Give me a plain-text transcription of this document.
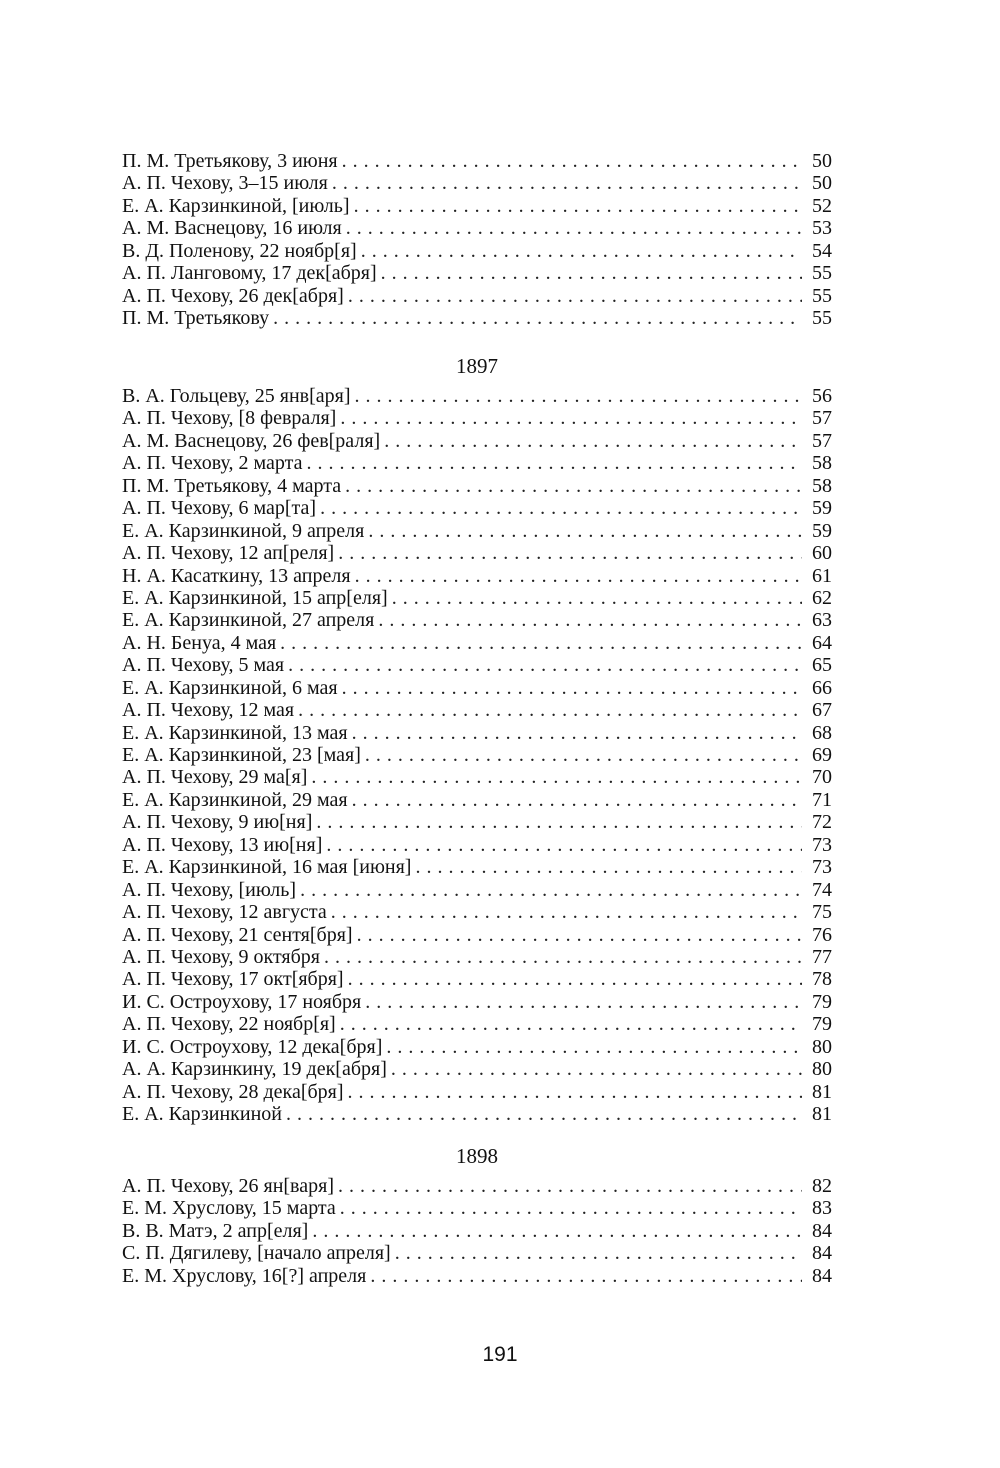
П. М. Третьякову, 3 июня . . .	50
А. П. Чехову, 3–15 июля . . .	50
Е. А. Карзинкиной, [июль] . . .	52
А. М. Васнецову, 16 июля . . .	53
В. Д. Поленову, 22 ноябр[я] . . .	54
А. П. Ланговому, 17 дек[абря] . . .	55
А. П. Чехову, 26 дек[абря] . . .	55
П. М. Третьякову . . .	55
1897
В. А. Гольцеву, 25 янв[аря] . . .	56
А. П. Чехову, [8 февраля] . . .	57
А. М. Васнецову, 26 фев[раля] . . .	57
А. П. Чехову, 2 марта . . .	58
П. М. Третьякову, 4 марта . . .	58
А. П. Чехову, 6 мар[та] . . .	59
Е. А. Карзинкиной, 9 апреля . . .	59
А. П. Чехову, 12 ап[реля] . . .	60
Н. А. Касаткину, 13 апреля . . .	61
Е. А. Карзинкиной, 15 апр[еля] . . .	62
Е. А. Карзинкиной, 27 апреля . . .	63
А. Н. Бенуа, 4 мая . . .	64
А. П. Чехову, 5 мая . . .	65
Е. А. Карзинкиной, 6 мая . . .	66
А. П. Чехову, 12 мая . . .	67
Е. А. Карзинкиной, 13 мая . . .	68
Е. А. Карзинкиной, 23 [мая] . . .	69
А. П. Чехову, 29 ма[я] . . .	70
Е. А. Карзинкиной, 29 мая . . .	71
А. П. Чехову, 9 ию[ня] . . .	72
А. П. Чехову, 13 ию[ня] . . .	73
Е. А. Карзинкиной, 16 мая [июня] . . .	73
А. П. Чехову, [июль] . . .	74
А. П. Чехову, 12 августа . . .	75
А. П. Чехову, 21 сентя[бря] . . .	76
А. П. Чехову, 9 октября . . .	77
А. П. Чехову, 17 окт[ября] . . .	78
И. С. Остроухову, 17 ноября . . .	79
А. П. Чехову, 22 ноябр[я] . . .	79
И. С. Остроухову, 12 дека[бря] . . .	80
А. А. Карзинкину, 19 дек[абря] . . .	80
А. П. Чехову, 28 дека[бря] . . .	81
Е. А. Карзинкиной . . .	81
1898
А. П. Чехову, 26 ян[варя] . . .	82
Е. М. Хруслову, 15 марта . . .	83
В. В. Матэ, 2 апр[еля] . . .	84
С. П. Дягилеву, [начало апреля] . . .	84
Е. М. Хруслову, 16[?] апреля . . .	84
191
